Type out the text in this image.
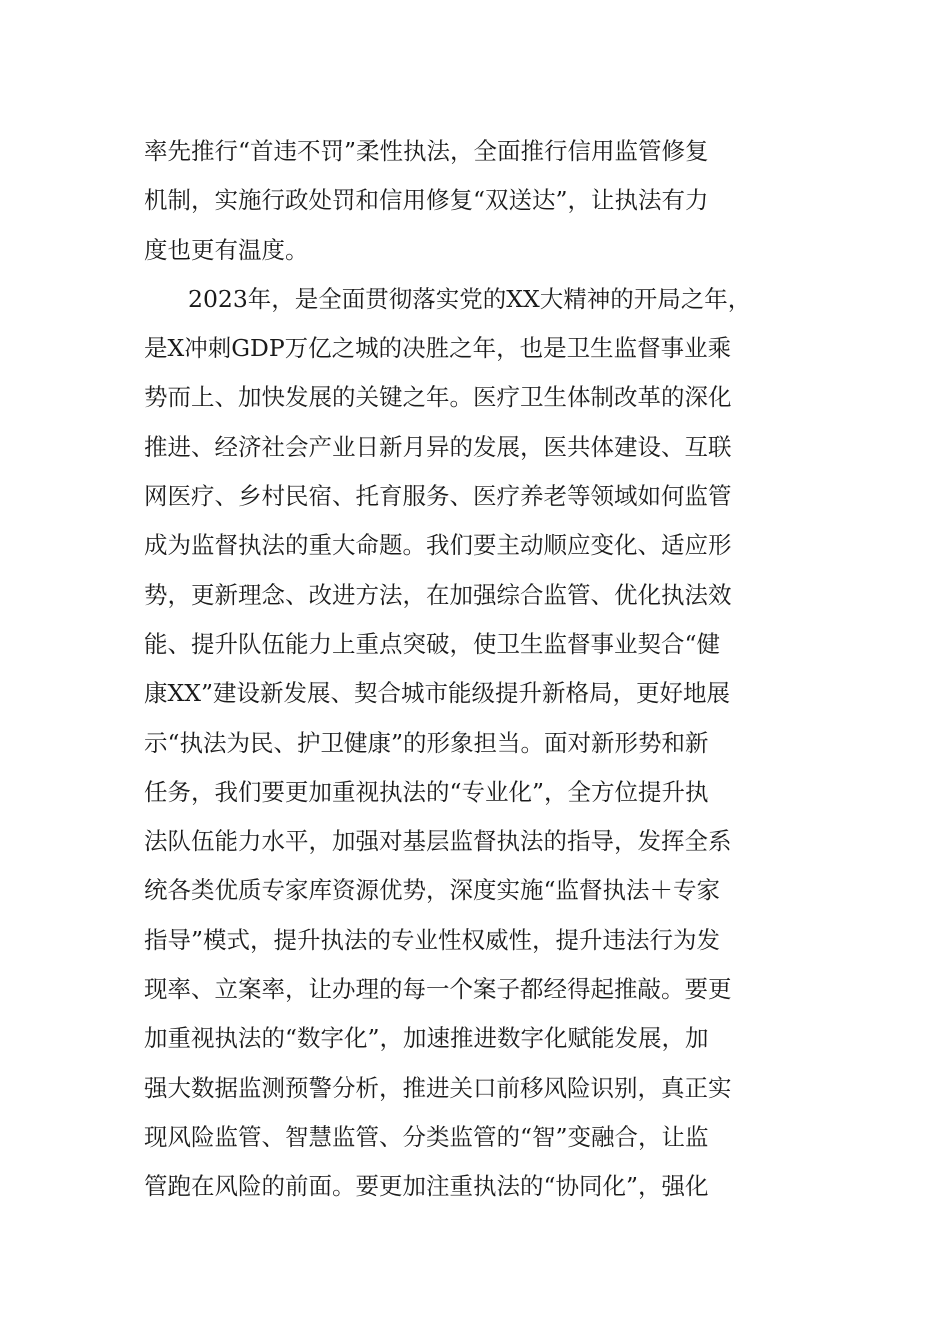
率先推行“首违不罚”柔性执法，全面推行信用监管修复
机制，实施行政处罚和信用修复“双送达”，让执法有力
度也更有温度。
2023年，是全面贯彻落实党的XX大精神的开局之年，
是X冲刺GDP万亿之城的决胜之年，也是卫生监督事业乘
势而上、加快发展的关键之年。医疗卫生体制改革的深化
推进、经济社会产业日新月异的发展，医共体建设、互联
网医疗、乡村民宿、托育服务、医疗养老等领域如何监管
成为监督执法的重大命题。我们要主动顺应变化、适应形
势，更新理念、改进方法，在加强综合监管、优化执法效
能、提升队伍能力上重点突破，使卫生监督事业契合“健
康XX”建设新发展、契合城市能级提升新格局，更好地展
示“执法为民、护卫健康”的形象担当。面对新形势和新
任务，我们要更加重视执法的“专业化”，全方位提升执
法队伍能力水平，加强对基层监督执法的指导，发挥全系
统各类优质专家库资源优势，深度实施“监督执法＋专家
指导”模式，提升执法的专业性权威性，提升违法行为发
现率、立案率，让办理的每一个案子都经得起推敲。要更
加重视执法的“数字化”，加速推进数字化赋能发展，加
强大数据监测预警分析，推进关口前移风险识别，真正实
现风险监管、智慧监管、分类监管的“智”变融合，让监
管跑在风险的前面。要更加注重执法的“协同化”，强化
